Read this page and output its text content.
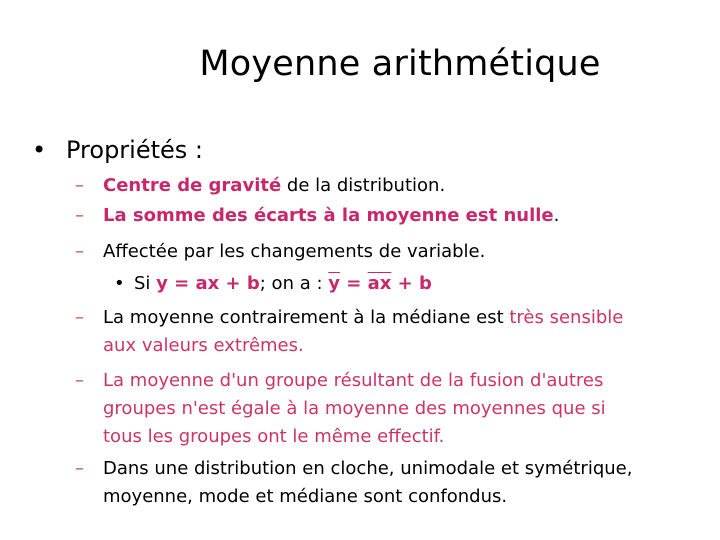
Moyenne arithmétique
• Propriétés :
– Centre de gravité de la distribution.
– La somme des écarts à la moyenne est nulle.
– Affectée par les changements de variable.
• Si y = ax + b; on a : $\overline{y} = \overline{ax} + b$
– La moyenne contrairement à la médiane est très sensible
aux valeurs extrêmes.
– La moyenne d'un groupe résultant de la fusion d'autres
groupes n'est égale à la moyenne des moyennes que si
tous les groupes ont le même effectif.
– Dans une distribution en cloche, unimodale et symétrique,
moyenne, mode et médiane sont confondus.
